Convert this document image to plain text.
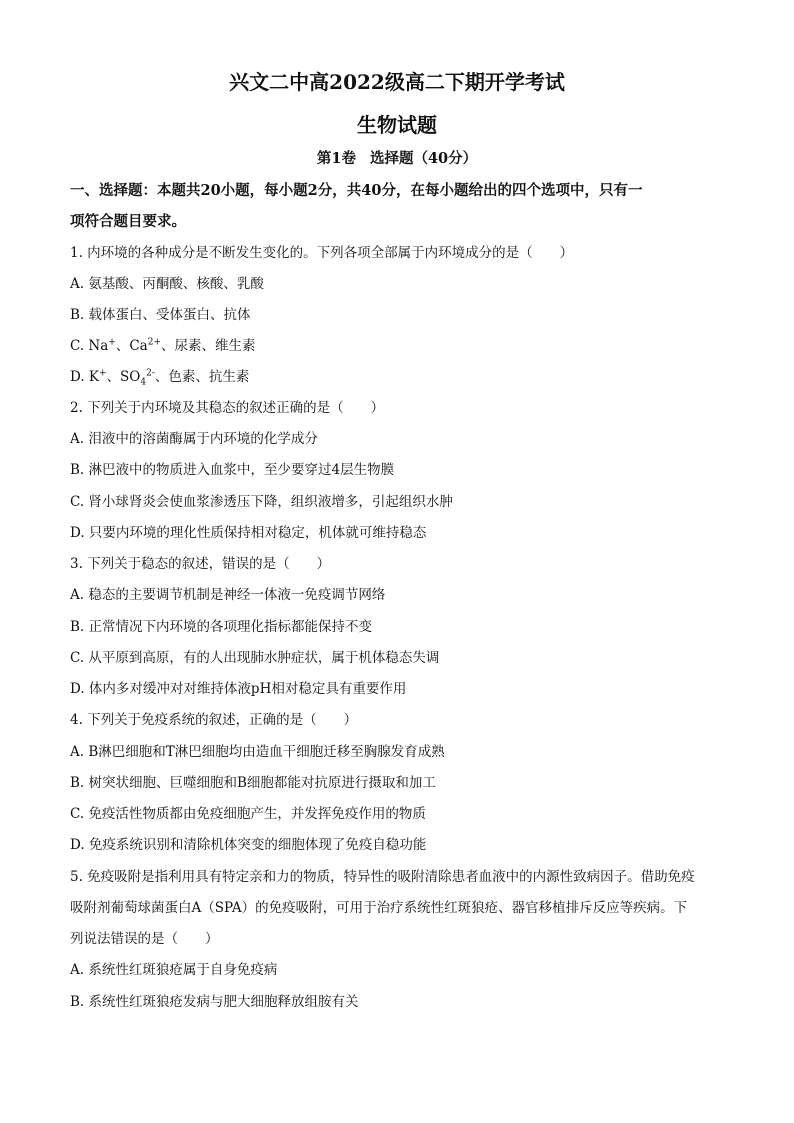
兴文二中高2022级高二下期开学考试
生物试题
第1卷 选择题（40分）
一、选择题：本题共20小题，每小题2分，共40分，在每小题给出的四个选项中，只有一
项符合题目要求。
1. 内环境的各种成分是不断发生变化的。下列各项全部属于内环境成分的是（　　）
A. 氨基酸、丙酮酸、核酸、乳酸
B. 载体蛋白、受体蛋白、抗体
C. Na+、$Ca^{2+}$、尿素、维生素
D. K+、$SO_4^{2-}$、色素、抗生素
2. 下列关于内环境及其稳态的叙述正确的是（　　）
A. 泪液中的溶菌酶属于内环境的化学成分
B. 淋巴液中的物质进入血浆中，至少要穿过4层生物膜
C. 肾小球肾炎会使血浆渗透压下降，组织液增多，引起组织水肿
D. 只要内环境的理化性质保持相对稳定，机体就可维持稳态
3. 下列关于稳态的叙述，错误的是（　　）
A. 稳态的主要调节机制是神经一体液一免疫调节网络
B. 正常情况下内环境的各项理化指标都能保持不变
C. 从平原到高原，有的人出现肺水肿症状，属于机体稳态失调
D. 体内多对缓冲对对维持体液pH相对稳定具有重要作用
4. 下列关于免疫系统的叙述，正确的是（　　）
A. B淋巴细胞和T淋巴细胞均由造血干细胞迁移至胸腺发育成熟
B. 树突状细胞、巨噬细胞和B细胞都能对抗原进行摄取和加工
C. 免疫活性物质都由免疫细胞产生，并发挥免疫作用的物质
D. 免疫系统识别和清除机体突变的细胞体现了免疫自稳功能
5. 免疫吸附是指利用具有特定亲和力的物质，特异性的吸附清除患者血液中的内源性致病因子。借助免疫
吸附剂葡萄球菌蛋白A（SPA）的免疫吸附，可用于治疗系统性红斑狼疮、器官移植排斥反应等疾病。下
列说法错误的是（　　）
A. 系统性红斑狼疮属于自身免疫病
B. 系统性红斑狼疮发病与肥大细胞释放组胺有关
